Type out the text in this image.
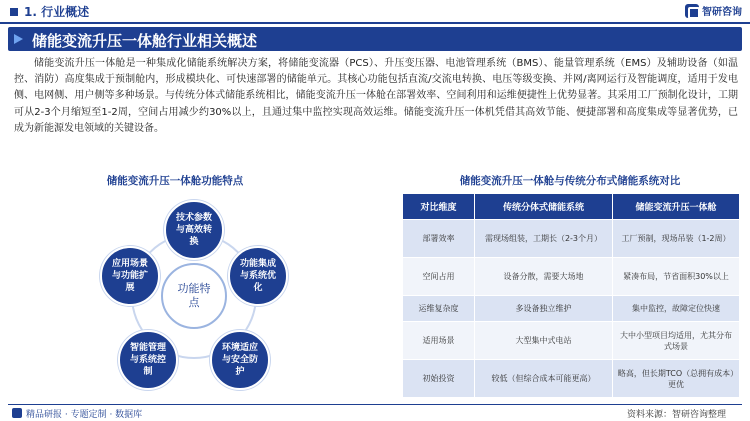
1. 行业概述	智研咨询
储能变流升压一体舱行业相关概述
储能变流升压一体舱是一种集成化储能系统解决方案，将储能变流器（PCS）、升压变压器、电池管理系统（BMS）、能量管理系统（EMS）及辅助设备（如温控、消防）高度集成于预制舱内，形成模块化、可快速部署的储能单元。其核心功能包括直流/交流电转换、电压等级变换、并网/离网运行及智能调度，适用于发电侧、电网侧、用户侧等多种场景。与传统分体式储能系统相比，储能变流升压一体舱在部署效率、空间利用和运维便捷性上优势显著。其采用工厂预制化设计，工期可从2-3个月缩短至1-2周，空间占用减少约30%以上，且通过集中监控实现高效运维。储能变流升压一体机凭借其高效节能、便捷部署和高度集成等显著优势，已成为新能源发电领域的关键设备。
储能变流升压一体舱功能特点
技术参数与高效转换
功能集成与系统优化
环境适应与安全防护
智能管理与系统控制
应用场景与功能扩展	功能特点
储能变流升压一体舱与传统分布式储能系统对比
对比维度	传统分体式储能系统	储能变流升压一体舱
部署效率	需现场组装，工期长（2-3个月）	工厂预制，现场吊装（1-2周）
空间占用	设备分散，需要大场地	紧凑布局，节省面积30%以上
运维复杂度	多设备独立维护	集中监控，故障定位快速
适用场景	大型集中式电站	大中小型项目均适用，尤其分布式场景
初始投资	较低（但综合成本可能更高）	略高，但长期TCO（总拥有成本）更优
精品研报 · 专题定制 · 数据库	资料来源：智研咨询整理
